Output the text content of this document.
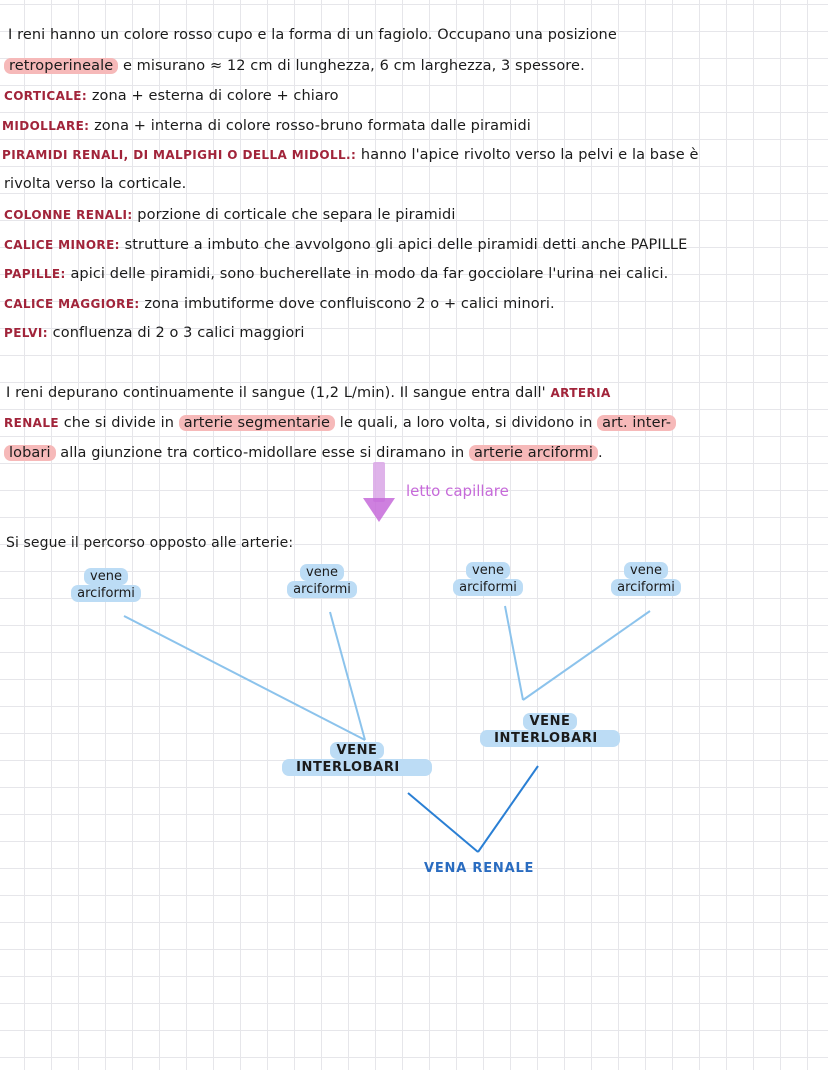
I reni hanno un colore rosso cupo e la forma di un fagiolo. Occupano una posizione
retroperineale e misurano ≈ 12 cm di lunghezza, 6 cm larghezza, 3 spessore.
CORTICALE: zona + esterna di colore + chiaro
MIDOLLARE: zona + interna di colore rosso-bruno formata dalle piramidi
PIRAMIDI RENALI, DI MALPIGHI O DELLA MIDOLL.: hanno l'apice rivolto verso la pelvi e la base è
rivolta verso la corticale.
COLONNE RENALI: porzione di corticale che separa le piramidi
CALICE MINORE: strutture a imbuto che avvolgono gli apici delle piramidi detti anche PAPILLE
PAPILLE: apici delle piramidi, sono bucherellate in modo da far gocciolare l'urina nei calici.
CALICE MAGGIORE: zona imbutiforme dove confluiscono 2 o + calici minori.
PELVI: confluenza di 2 o 3 calici maggiori
I reni depurano continuamente il sangue (1,2 L/min). Il sangue entra dall' ARTERIA
RENALE che si divide in arterie segmentarie le quali, a loro volta, si dividono in art. inter-
lobari alla giunzione tra cortico-midollare esse si diramano in arterie arciformi .
letto capillare
Si segue il percorso opposto alle arterie:
vene
arciformi
vene
arciformi
vene
arciformi
vene
arciformi
VENE
INTERLOBARI
VENE
INTERLOBARI
VENA RENALE
